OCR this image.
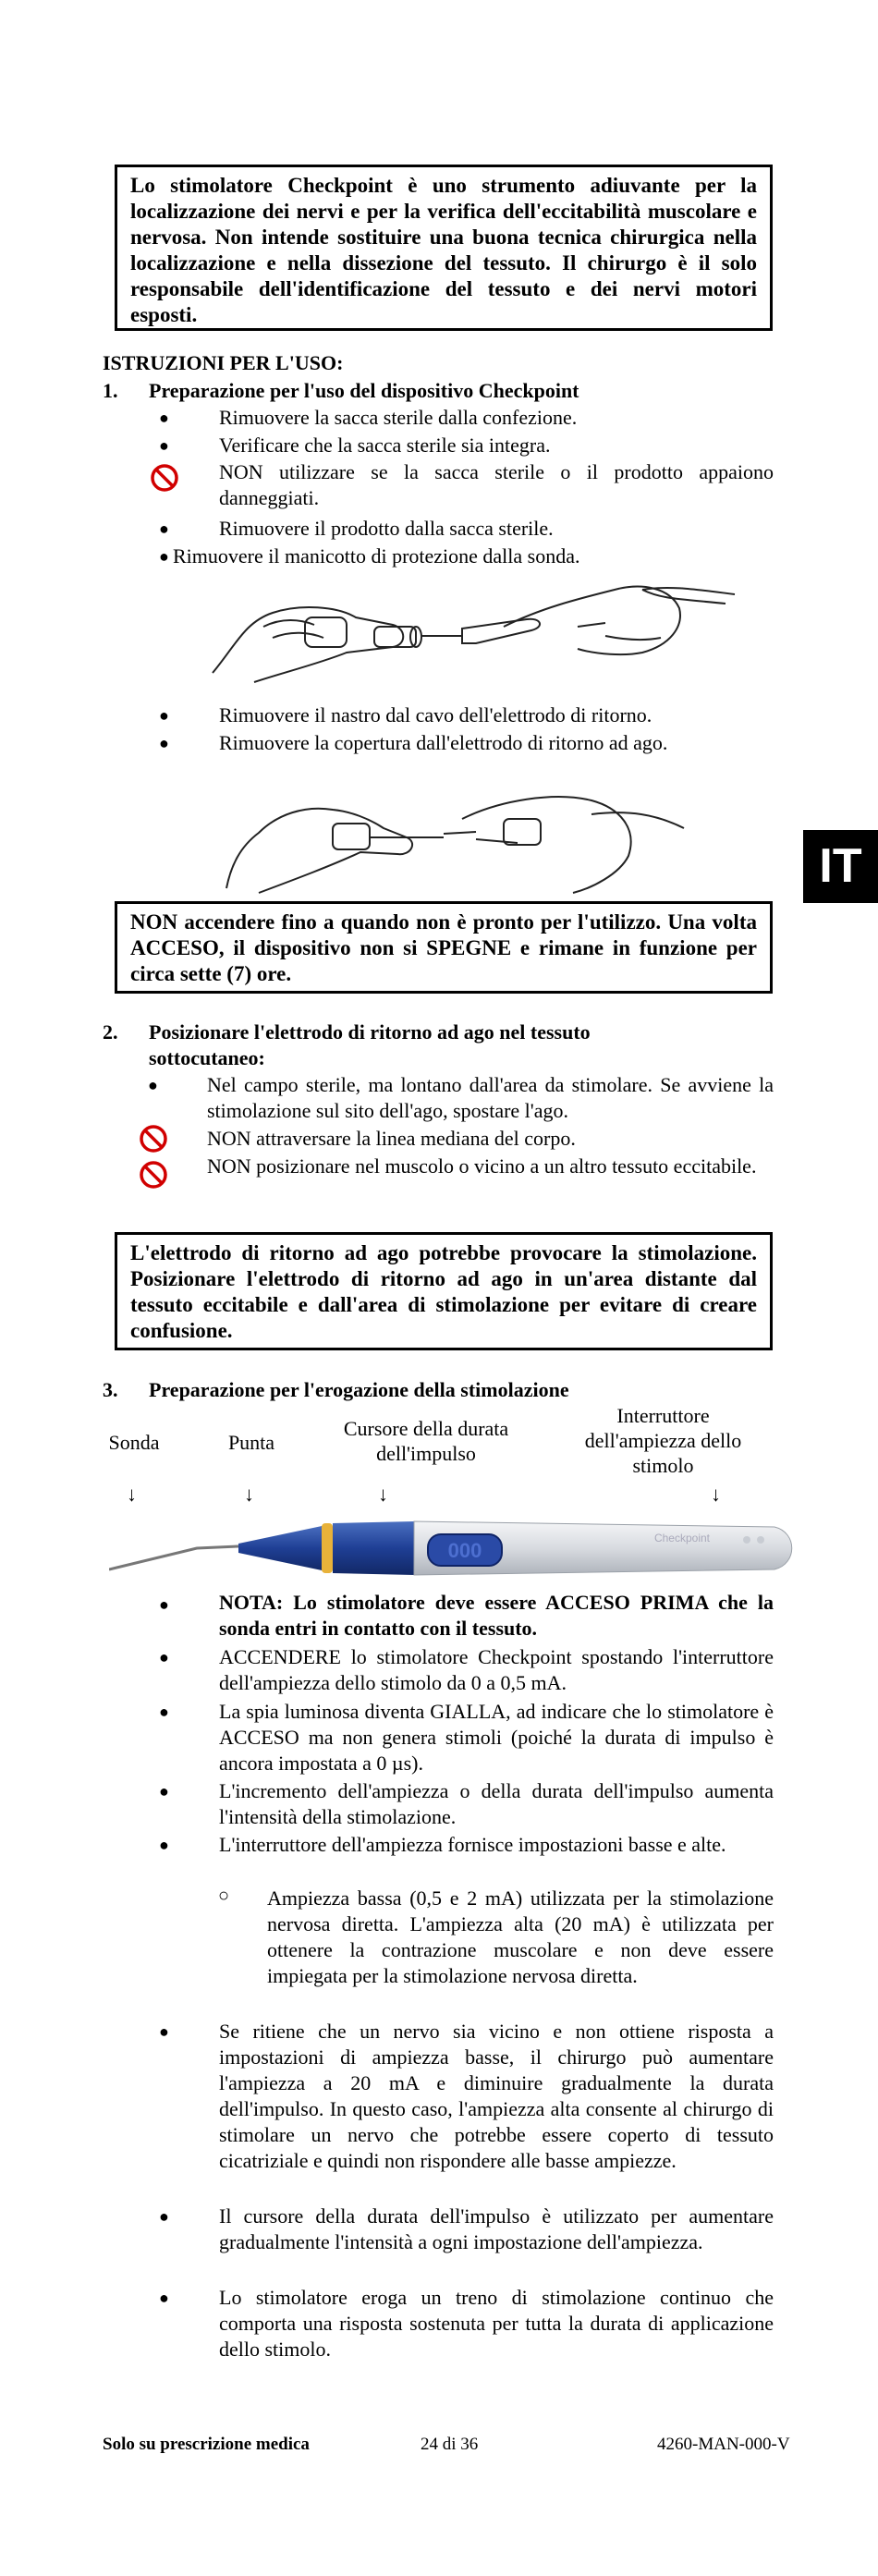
Lo stimolatore Checkpoint è uno strumento adiuvante per la localizzazione dei nervi e per la verifica dell'eccitabilità muscolare e nervosa. Non intende sostituire una buona tecnica chirurgica nella localizzazione e nella dissezione del tessuto. Il chirurgo è il solo responsabile dell'identificazione del tessuto e dei nervi motori esposti.
ISTRUZIONI PER L'USO:
1. Preparazione per l'uso del dispositivo Checkpoint
● Rimuovere la sacca sterile dalla confezione.
● Verificare che la sacca sterile sia integra.
NON utilizzare se la sacca sterile o il prodotto appaiono danneggiati.
● Rimuovere il prodotto dalla sacca sterile.
● Rimuovere il manicotto di protezione dalla sonda.
● Rimuovere il nastro dal cavo dell'elettrodo di ritorno.
● Rimuovere la copertura dall'elettrodo di ritorno ad ago.
IT
NON accendere fino a quando non è pronto per l'utilizzo. Una volta ACCESO, il dispositivo non si SPEGNE e rimane in funzione per circa sette (7) ore.
2. Posizionare l'elettrodo di ritorno ad ago nel tessuto sottocutaneo:
● Nel campo sterile, ma lontano dall'area da stimolare. Se avviene la stimolazione sul sito dell'ago, spostare l'ago.
NON attraversare la linea mediana del corpo.
NON posizionare nel muscolo o vicino a un altro tessuto eccitabile.
L'elettrodo di ritorno ad ago potrebbe provocare la stimolazione. Posizionare l'elettrodo di ritorno ad ago in un'area distante dal tessuto eccitabile e dall'area di stimolazione per evitare di creare confusione.
3. Preparazione per l'erogazione della stimolazione
Sonda	Punta
Cursore della durata dell'impulso
Interruttore dell'ampiezza dello stimolo
↓	↓	↓	↓
000
Checkpoint
● NOTA: Lo stimolatore deve essere ACCESO PRIMA che la sonda entri in contatto con il tessuto.
● ACCENDERE lo stimolatore Checkpoint spostando l'interruttore dell'ampiezza dello stimolo da 0 a 0,5 mA.
● La spia luminosa diventa GIALLA, ad indicare che lo stimolatore è ACCESO ma non genera stimoli (poiché la durata di impulso è ancora impostata a 0 µs).
● L'incremento dell'ampiezza o della durata dell'impulso aumenta l'intensità della stimolazione.
● L'interruttore dell'ampiezza fornisce impostazioni basse e alte.
○ Ampiezza bassa (0,5 e 2 mA) utilizzata per la stimolazione nervosa diretta. L'ampiezza alta (20 mA) è utilizzata per ottenere la contrazione muscolare e non deve essere impiegata per la stimolazione nervosa diretta.
● Se ritiene che un nervo sia vicino e non ottiene risposta a impostazioni di ampiezza basse, il chirurgo può aumentare l'ampiezza a 20 mA e diminuire gradualmente la durata dell'impulso. In questo caso, l'ampiezza alta consente al chirurgo di stimolare un nervo che potrebbe essere coperto di tessuto cicatriziale e quindi non rispondere alle basse ampiezze.
● Il cursore della durata dell'impulso è utilizzato per aumentare gradualmente l'intensità a ogni impostazione dell'ampiezza.
● Lo stimolatore eroga un treno di stimolazione continuo che comporta una risposta sostenuta per tutta la durata di applicazione dello stimolo.
Solo su prescrizione medica	24 di 36	4260-MAN-000-V
